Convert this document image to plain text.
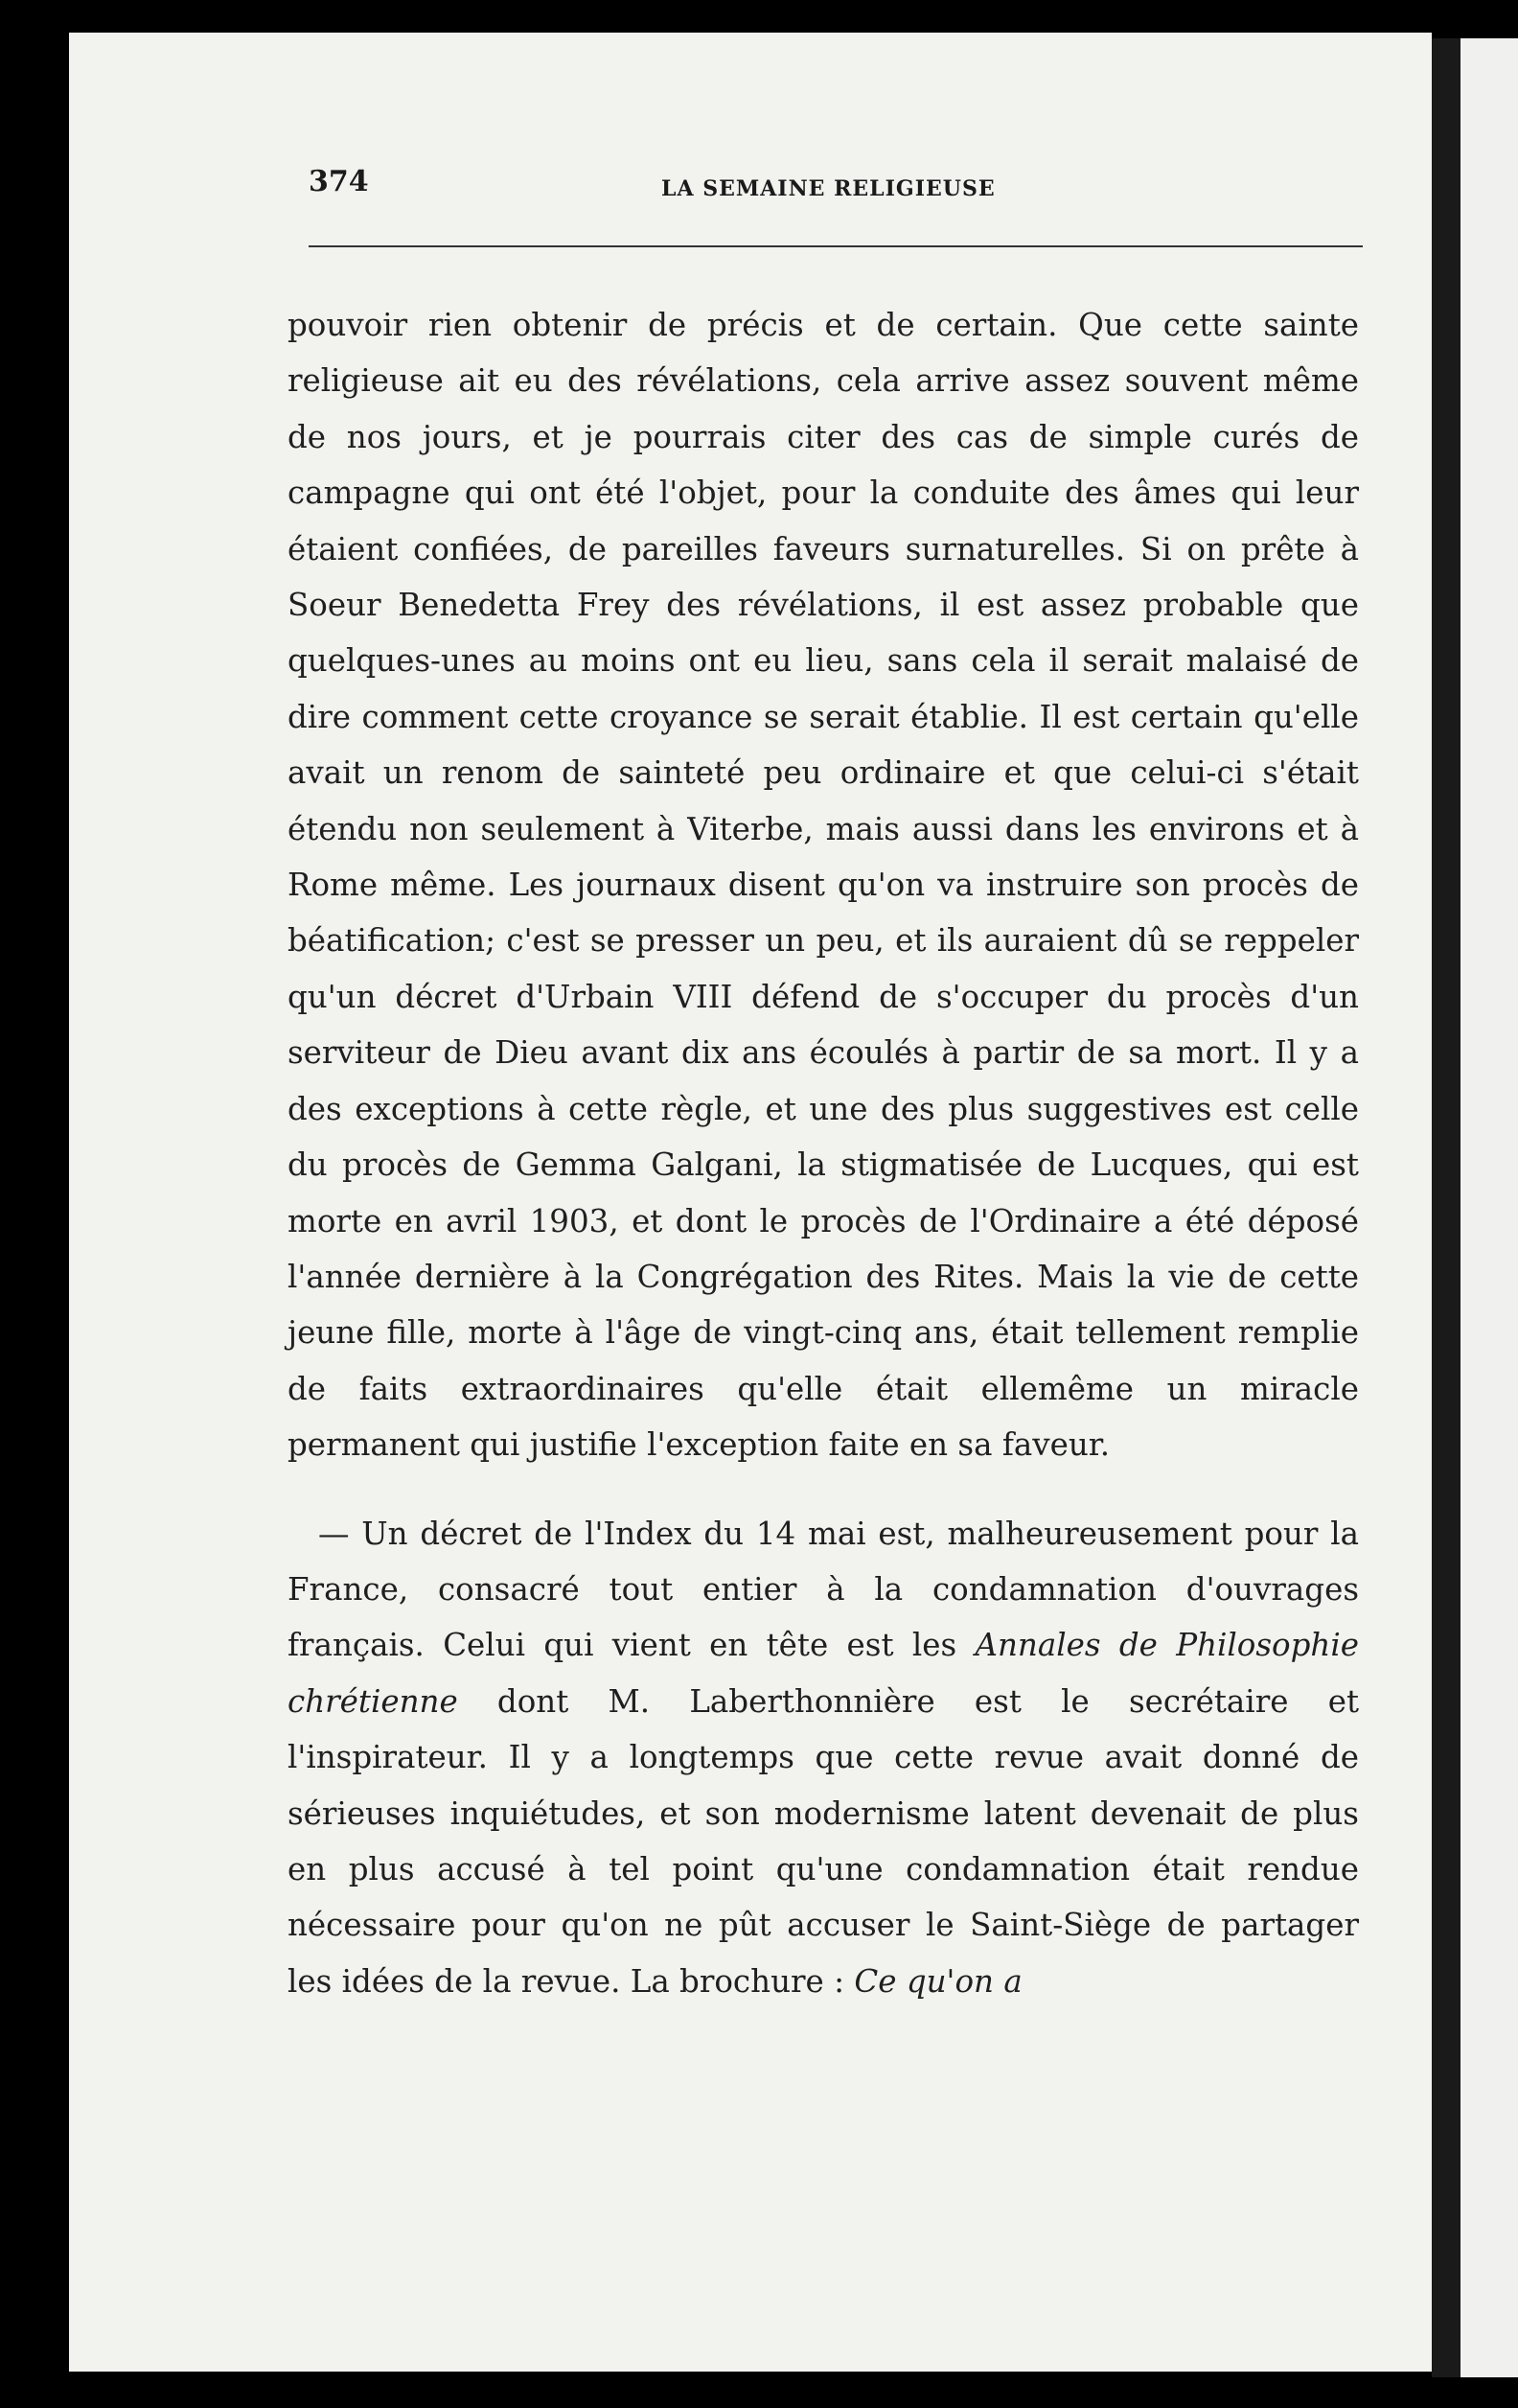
374	LA SEMAINE RELIGIEUSE

pouvoir rien obtenir de précis et de certain. Que cette sainte religieuse ait eu des révélations, cela arrive assez souvent même de nos jours, et je pourrais citer des cas de simple curés de campagne qui ont été l'objet, pour la conduite des âmes qui leur étaient confiées, de pareilles faveurs surnaturelles. Si on prête à Soeur Benedetta Frey des révélations, il est assez probable que quelques-unes au moins ont eu lieu, sans cela il serait malaisé de dire comment cette croyance se serait établie. Il est certain qu'elle avait un renom de sainteté peu ordinaire et que celui-ci s'était étendu non seulement à Viterbe, mais aussi dans les environs et à Rome même. Les journaux disent qu'on va instruire son procès de béatification; c'est se presser un peu, et ils auraient dû se reppeler qu'un décret d'Urbain VIII défend de s'occuper du procès d'un serviteur de Dieu avant dix ans écoulés à partir de sa mort. Il y a des exceptions à cette règle, et une des plus suggestives est celle du procès de Gemma Galgani, la stigmatisée de Lucques, qui est morte en avril 1903, et dont le procès de l'Ordinaire a été déposé l'année dernière à la Congrégation des Rites. Mais la vie de cette jeune fille, morte à l'âge de vingt-cinq ans, était tellement remplie de faits extraordinaires qu'elle était ellemême un miracle permanent qui justifie l'exception faite en sa faveur.

— Un décret de l'Index du 14 mai est, malheureusement pour la France, consacré tout entier à la condamnation d'ouvrages français. Celui qui vient en tête est les Annales de Philosophie chrétienne dont M. Laberthonnière est le secrétaire et l'inspirateur. Il y a longtemps que cette revue avait donné de sérieuses inquiétudes, et son modernisme latent devenait de plus en plus accusé à tel point qu'une condamnation était rendue nécessaire pour qu'on ne pût accuser le Saint-Siège de partager les idées de la revue. La brochure : Ce qu'on a
